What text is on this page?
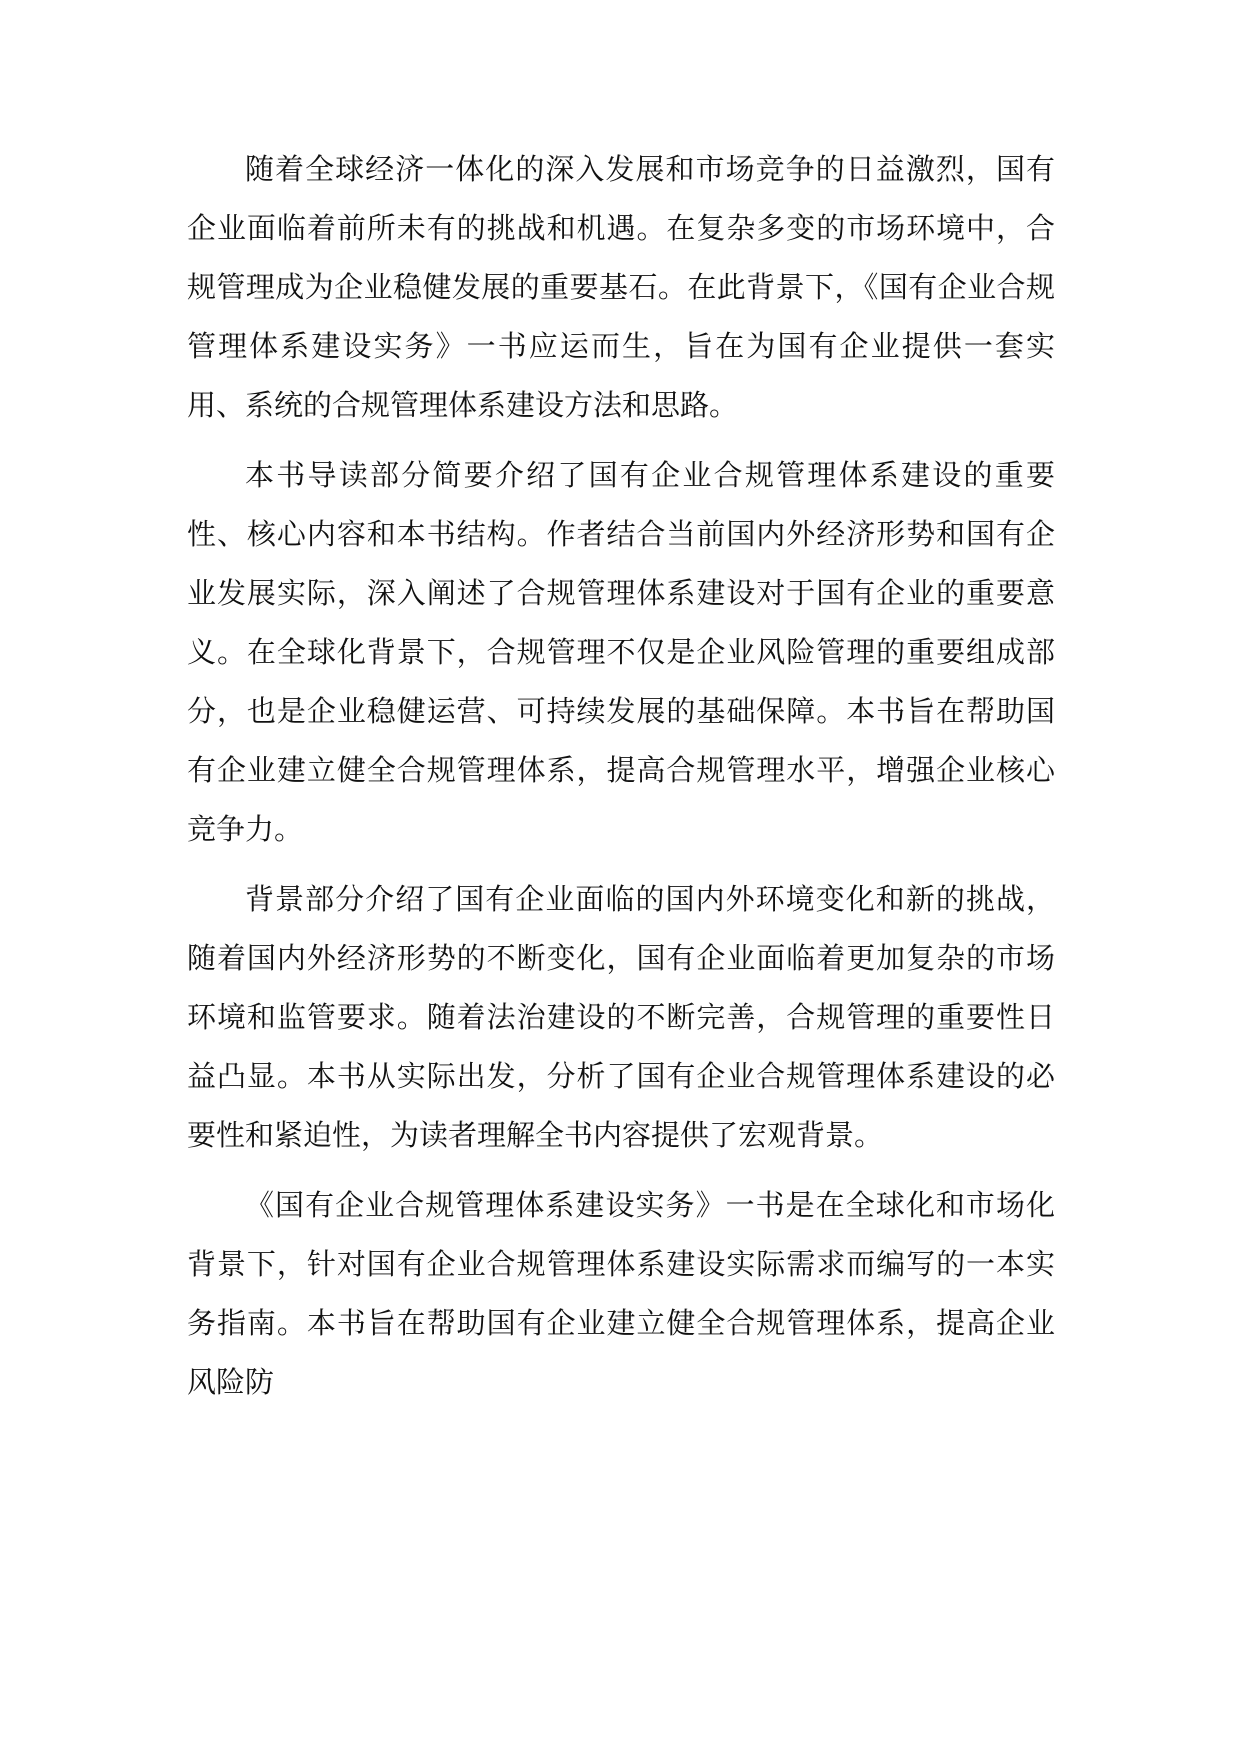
随着全球经济一体化的深入发展和市场竞争的日益激烈，国有企业面临着前所未有的挑战和机遇。在复杂多变的市场环境中，合规管理成为企业稳健发展的重要基石。在此背景下，《国有企业合规管理体系建设实务》一书应运而生，旨在为国有企业提供一套实用、系统的合规管理体系建设方法和思路。

本书导读部分简要介绍了国有企业合规管理体系建设的重要性、核心内容和本书结构。作者结合当前国内外经济形势和国有企业发展实际，深入阐述了合规管理体系建设对于国有企业的重要意义。在全球化背景下，合规管理不仅是企业风险管理的重要组成部分，也是企业稳健运营、可持续发展的基础保障。本书旨在帮助国有企业建立健全合规管理体系，提高合规管理水平，增强企业核心竞争力。

背景部分介绍了国有企业面临的国内外环境变化和新的挑战，随着国内外经济形势的不断变化，国有企业面临着更加复杂的市场环境和监管要求。随着法治建设的不断完善，合规管理的重要性日益凸显。本书从实际出发，分析了国有企业合规管理体系建设的必要性和紧迫性，为读者理解全书内容提供了宏观背景。

《国有企业合规管理体系建设实务》一书是在全球化和市场化背景下，针对国有企业合规管理体系建设实际需求而编写的一本实务指南。本书旨在帮助国有企业建立健全合规管理体系，提高企业风险防
